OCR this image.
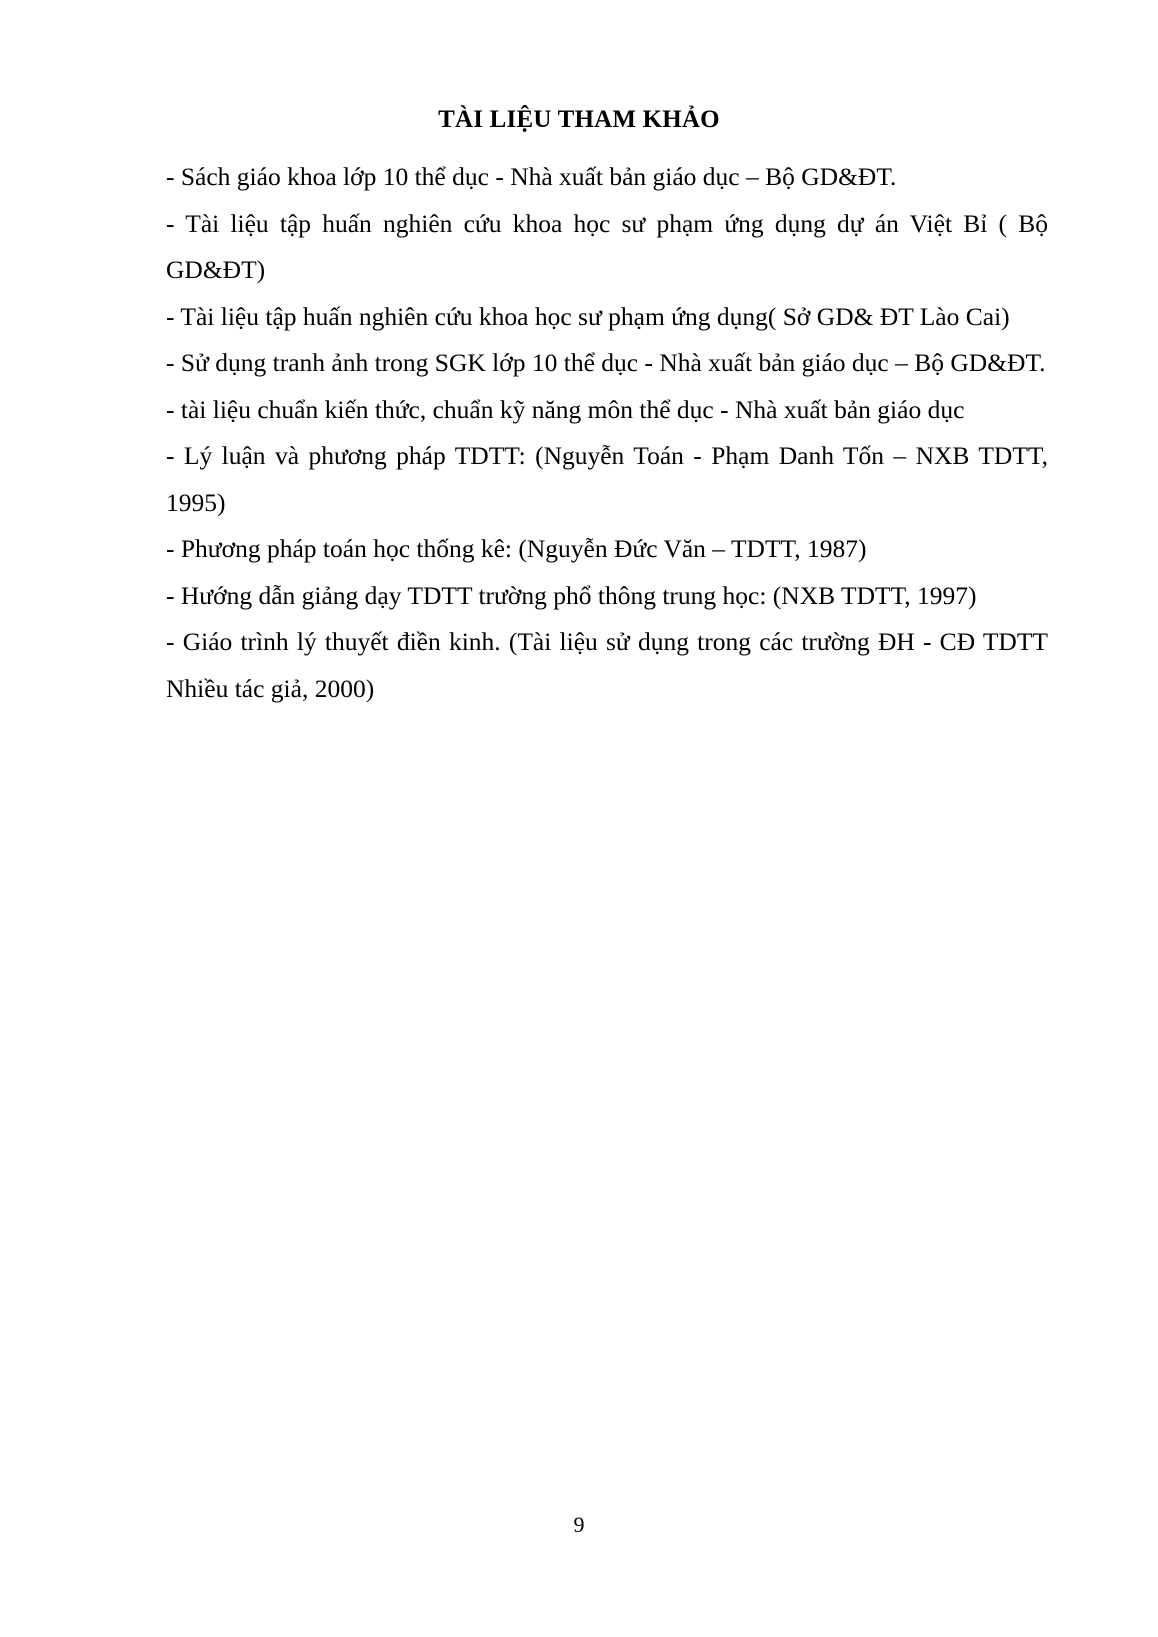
TÀI LIỆU THAM KHẢO
- Sách giáo khoa lớp 10 thể dục - Nhà xuất bản giáo dục – Bộ GD&ĐT.
- Tài liệu tập huấn nghiên cứu khoa học sư phạm ứng dụng dự án Việt Bỉ ( Bộ GD&ĐT)
- Tài liệu tập huấn nghiên cứu khoa học sư phạm ứng dụng( Sở GD& ĐT Lào Cai)
- Sử dụng tranh ảnh trong SGK lớp 10 thể dục - Nhà xuất bản giáo dục – Bộ GD&ĐT.
- tài liệu chuẩn kiến thức, chuẩn kỹ năng môn thể dục - Nhà xuất bản giáo dục
- Lý luận và phương pháp TDTT: (Nguyễn Toán - Phạm Danh Tốn – NXB TDTT, 1995)
- Phương pháp toán học thống kê: (Nguyễn Đức Văn – TDTT, 1987)
- Hướng dẫn giảng dạy TDTT trường phổ thông trung học: (NXB TDTT, 1997)
- Giáo trình lý thuyết điền kinh. (Tài liệu sử dụng trong các trường ĐH - CĐ TDTT Nhiều tác giả, 2000)
9
